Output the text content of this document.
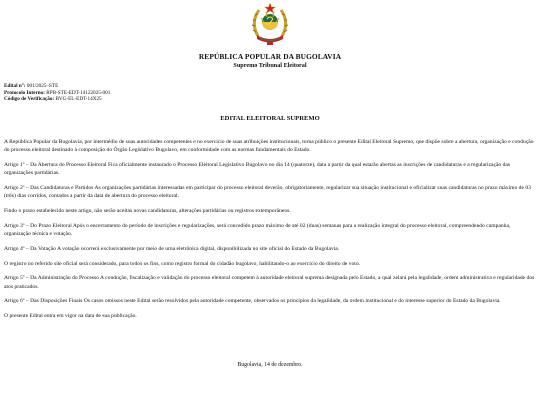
REPÚBLICA POPULAR DA BUGOLAVIA
Supremo Tribunal Eleitoral
Edital n°: 001/2025–STE
Protocolo Interno: RPB-STE-EDT-14122025-001
Código de Verificação: BVG-EL-EDT-14X25
EDITAL ELEITORAL SUPREMO

A República Popular da Bugolavia, por intermédio de suas autoridades competentes e no exercício de suas atribuições institucionais, torna público o presente Edital Eleitoral Supremo, que dispõe sobre a abertura, organização e condução do processo eleitoral destinado à composição do Órgão Legislativo Bugolavo, em conformidade com as normas fundamentais do Estado.

Artigo 1º – Da Abertura do Processo Eleitoral Fica oficialmente instaurado o Processo Eleitoral Legislativo Bugolavo no dia 14 (quatorze), data a partir da qual estarão abertas as inscrições de candidaturas e a regularização das organizações partidárias.

Artigo 2º – Das Candidaturas e Partidos As organizações partidárias interessadas em participar do processo eleitoral deverão, obrigatoriamente, regularizar sua situação institucional e oficializar suas candidaturas no prazo máximo de 03 (três) dias corridos, contados a partir da data de abertura do processo eleitoral.

Findo o prazo estabelecido neste artigo, não serão aceitas novas candidaturas, alterações partidárias ou registros extemporâneos.

Artigo 3º – Do Prazo Eleitoral Após o encerramento do período de inscrições e regularizações, será concedido prazo máximo de até 02 (duas) semanas para a realização integral do processo eleitoral, compreendendo campanha, organização técnica e votação.

Artigo 4º – Da Votação A votação ocorrerá exclusivamente por meio de urna eletrônica digital, disponibilizada no site oficial do Estado da Bugolavia.

O registro no referido site oficial será considerado, para todos os fins, como registro formal do cidadão bugolavo, habilitando-o ao exercício do direito de voto.

Artigo 5º – Da Administração do Processo A condução, fiscalização e validação do processo eleitoral competem à autoridade eleitoral suprema designada pelo Estado, a qual zelará pela legalidade, ordem administrativa e regularidade dos atos praticados.

Artigo 6º – Das Disposições Finais Os casos omissos neste Edital serão resolvidos pela autoridade competente, observados os princípios da legalidade, da ordem institucional e do interesse superior do Estado da Bugolavia.

O presente Edital entra em vigor na data de sua publicação.

Bugolavia, 14 de dezembro.
